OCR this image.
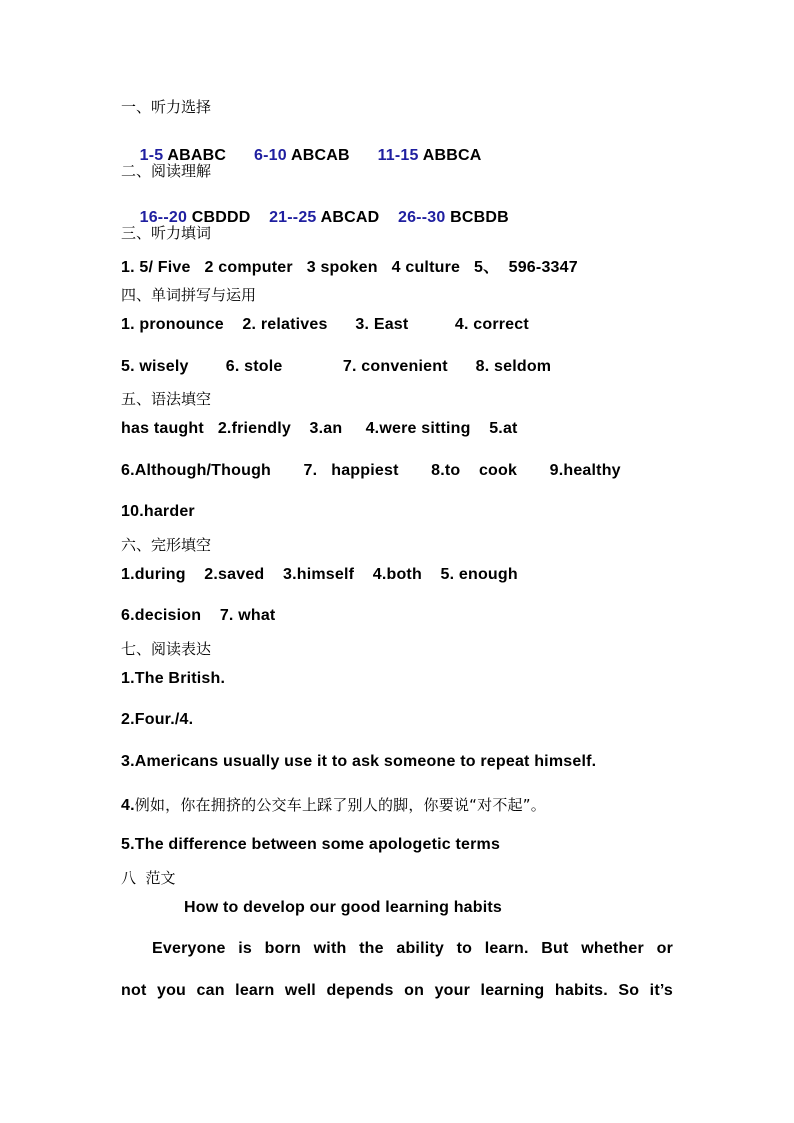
一、听力选择

1-5 ABABC 6-10 ABCAB 11-15 ABBCA

二、阅读理解

16--20 CBDDD 21--25 ABCAD 26--30 BCBDB

三、听力填词
1. 5/ Five   2 computer   3 spoken   4 culture   5、  596-3347
四、单词拼写与运用
1. pronounce    2. relatives      3. East          4. correct
5. wisely        6. stole             7. convenient      8. seldom
五、语法填空
has taught   2.friendly    3.an     4.were sitting    5.at
6.Although/Though       7.   happiest       8.to    cook       9.healthy
10.harder
六、完形填空
1.during    2.saved    3.himself    4.both    5. enough
6.decision    7. what
七、阅读表达
1.The British.
2.Four./4.
3.Americans usually use it to ask someone to repeat himself.
4.例如，你在拥挤的公交车上踩了别人的脚，你要说“对不起”。
5.The difference between some apologetic terms
八  范文
How to develop our good learning habits
Everyone is born with the ability to learn. But whether or
not you can learn well depends on your learning habits. So it’s
